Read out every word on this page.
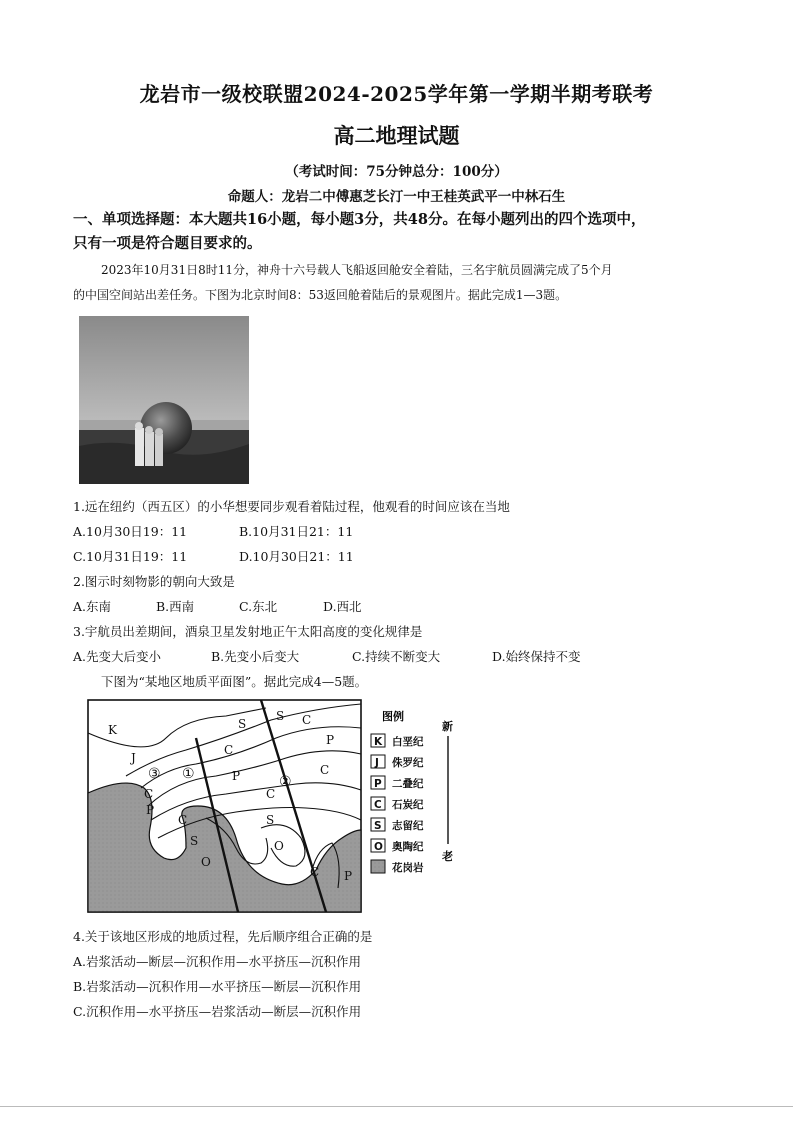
龙岩市一级校联盟2024-2025学年第一学期半期考联考
高二地理试题
（考试时间：75分钟总分：100分）
命题人：龙岩二中傅惠芝长汀一中王桂英武平一中林石生
一、单项选择题：本大题共16小题，每小题3分，共48分。在每小题列出的四个选项中，
只有一项是符合题目要求的。
2023年10月31日8时11分，神舟十六号载人飞船返回舱安全着陆，三名宇航员圆满完成了5个月
的中国空间站出差任务。下图为北京时间8：53返回舱着陆后的景观图片。据此完成1—3题。
1.远在纽约（西五区）的小华想要同步观看着陆过程，他观看的时间应该在当地
A.10月30日19：11	B.10月31日21：11
C.10月31日19：11	D.10月30日21：11
2.图示时刻物影的朝向大致是
A.东南	B.西南	C.东北	D.西北
3.宇航员出差期间，酒泉卫星发射地正午太阳高度的变化规律是
A.先变大后变小	B.先变小后变大	C.持续不断变大	D.始终保持不变
下图为“某地区地质平面图”。据此完成4—5题。
K
J
C
P
C
S
O
C
P
S
C
S
O
S C
P
C
C P
③ ①	②
图例
K 白垩纪
J 侏罗纪
P 二叠纪
C 石炭纪
S 志留纪
O 奥陶纪
花岗岩
新
老
4.关于该地区形成的地质过程，先后顺序组合正确的是
A.岩浆活动—断层—沉积作用—水平挤压—沉积作用
B.岩浆活动—沉积作用—水平挤压—断层—沉积作用
C.沉积作用—水平挤压—岩浆活动—断层—沉积作用
